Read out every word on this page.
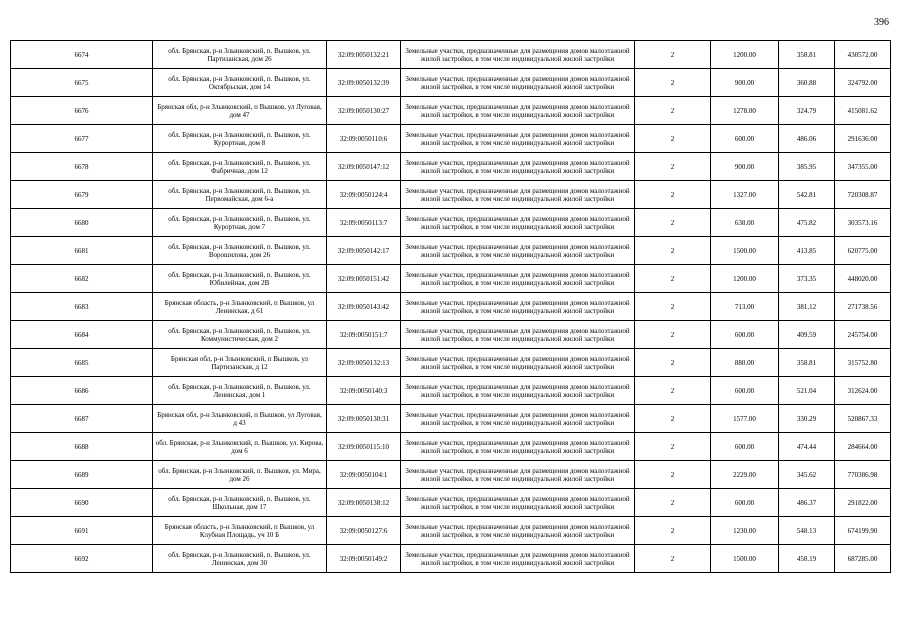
396
6674	обл. Брянская, р-н Злынковский, п. Вышков, ул. Партизанская, дом 26	32:09:0050132:21	Земельные участки, предназначенные для размещения домов малоэтажной жилой застройки, в том числе индивидуальной жилой застройки	2	1200.00	358.81	430572.00
6675	обл. Брянская, р-н Злынковский, п. Вышков, ул. Октябрьская, дом 14	32:09:0050132:39	Земельные участки, предназначенные для размещения домов малоэтажной жилой застройки, в том числе индивидуальной жилой застройки	2	900.00	360.88	324792.00
6676	Брянская обл, р-н Злынковский, п Вышков, ул Луговая, дом 47	32:09:0050130:27	Земельные участки, предназначенные для размещения домов малоэтажной жилой застройки, в том числе индивидуальной жилой застройки	2	1278.00	324.79	415081.62
6677	обл. Брянская, р-н Злынковский, п. Вышков, ул. Курортная, дом 8	32:09:0050110:6	Земельные участки, предназначенные для размещения домов малоэтажной жилой застройки, в том числе индивидуальной жилой застройки	2	600.00	486.06	291636.00
6678	обл. Брянская, р-н Злынковский, п. Вышков, ул. Фабричная, дом 12	32:09:0050147:12	Земельные участки, предназначенные для размещения домов малоэтажной жилой застройки, в том числе индивидуальной жилой застройки	2	900.00	385.95	347355.00
6679	обл. Брянская, р-н Злынковский, п. Вышков, ул. Первомайская, дом 6-а	32:09:0050124:4	Земельные участки, предназначенные для размещения домов малоэтажной жилой застройки, в том числе индивидуальной жилой застройки	2	1327.00	542.81	720308.87
6680	обл. Брянская, р-н Злынковский, п. Вышков, ул. Курортная, дом 7	32:09:0050113:7	Земельные участки, предназначенные для размещения домов малоэтажной жилой застройки, в том числе индивидуальной жилой застройки	2	638.00	475.82	303573.16
6681	обл. Брянская, р-н Злынковский, п. Вышков, ул. Ворошилова, дом 26	32:09:0050142:17	Земельные участки, предназначенные для размещения домов малоэтажной жилой застройки, в том числе индивидуальной жилой застройки	2	1500.00	413.85	620775.00
6682	обл. Брянская, р-н Злынковский, п. Вышков, ул. Юбилейная, дом 2В	32:09:0050151:42	Земельные участки, предназначенные для размещения домов малоэтажной жилой застройки, в том числе индивидуальной жилой застройки	2	1200.00	373.35	448020.00
6683	Брянская область, р-н Злынковский, п Вышков, ул Ленинская, д 61	32:09:0050143:42	Земельные участки, предназначенные для размещения домов малоэтажной жилой застройки, в том числе индивидуальной жилой застройки	2	713.00	381.12	271738.56
6684	обл. Брянская, р-н Злынковский, п. Вышков, ул. Коммунистическая, дом 2	32:09:0050151:7	Земельные участки, предназначенные для размещения домов малоэтажной жилой застройки, в том числе индивидуальной жилой застройки	2	600.00	409.59	245754.00
6685	Брянская обл, р-н Злынковский, п Вышков, ул Партизанская, д 12	32:09:0050132:13	Земельные участки, предназначенные для размещения домов малоэтажной жилой застройки, в том числе индивидуальной жилой застройки	2	880.00	358.81	315752.80
6686	обл. Брянская, р-н Злынковский, п. Вышков, ул. Ленинская, дом 1	32:09:0050140:3	Земельные участки, предназначенные для размещения домов малоэтажной жилой застройки, в том числе индивидуальной жилой застройки	2	600.00	521.04	312624.00
6687	Брянская обл, р-н Злынковский, п Вышков, ул Луговая, д 43	32:09:0050130:31	Земельные участки, предназначенные для размещения домов малоэтажной жилой застройки, в том числе индивидуальной жилой застройки	2	1577.00	330.29	520867.33
6688	обл. Брянская, р-н Злынковский, п. Вышков, ул. Кирова, дом 6	32:09:0050115:10	Земельные участки, предназначенные для размещения домов малоэтажной жилой застройки, в том числе индивидуальной жилой застройки	2	600.00	474.44	284664.00
6689	обл. Брянская, р-н Злынковский, п. Вышков, ул. Мира, дом 26	32:09:0050104:1	Земельные участки, предназначенные для размещения домов малоэтажной жилой застройки, в том числе индивидуальной жилой застройки	2	2229.00	345.62	770386.98
6690	обл. Брянская, р-н Злынковский, п. Вышков, ул. Школьная, дом 17	32:09:0050138:12	Земельные участки, предназначенные для размещения домов малоэтажной жилой застройки, в том числе индивидуальной жилой застройки	2	600.00	486.37	291822.00
6691	Брянская область, р-н Злынковский, п Вышков, ул Клубная Площадь, уч 10 Б	32:09:0050127:6	Земельные участки, предназначенные для размещения домов малоэтажной жилой застройки, в том числе индивидуальной жилой застройки	2	1230.00	548.13	674199.90
6692	обл. Брянская, р-н Злынковский, п. Вышков, ул. Ленинская, дом 30	32:09:0050149:2	Земельные участки, предназначенные для размещения домов малоэтажной жилой застройки, в том числе индивидуальной жилой застройки	2	1500.00	458.19	687285.00
